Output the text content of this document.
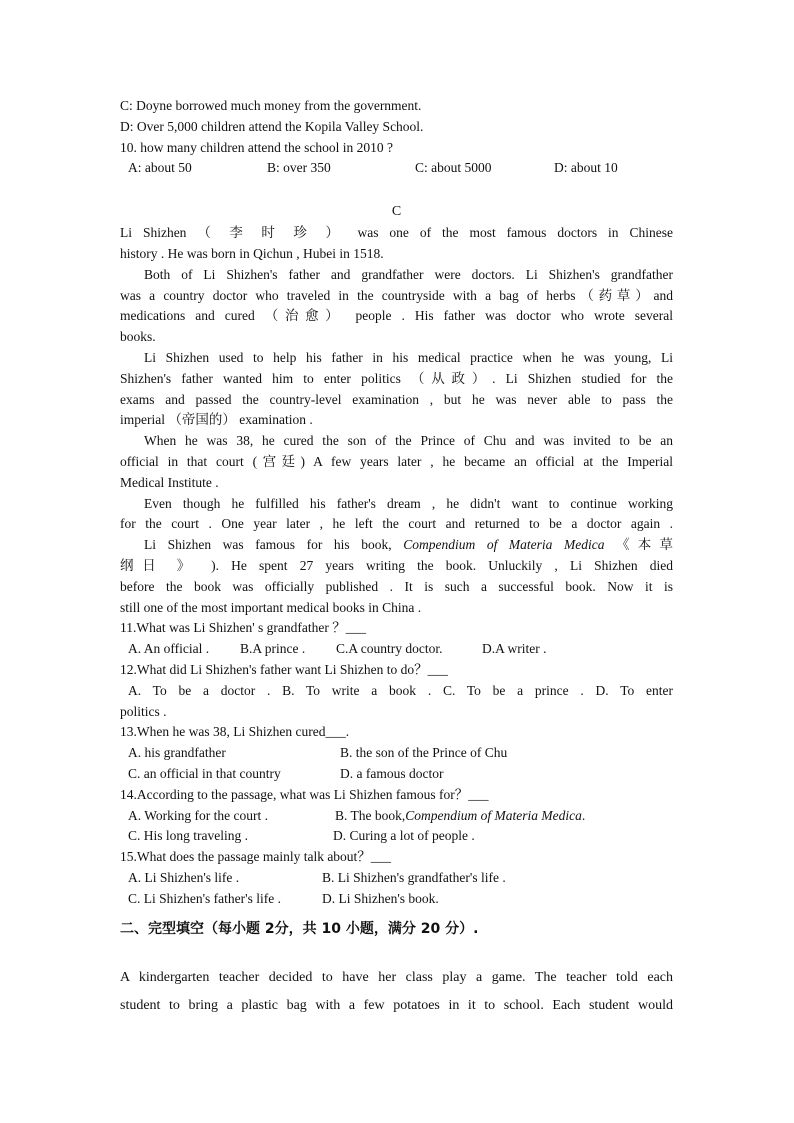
C: Doyne borrowed much money from the government.
D: Over 5,000 children attend the Kopila Valley School.
10. how many children attend the school in 2010 ?
A: about 50	B: over 350	C: about 5000	D: about 10
C
Li Shizhen （ 李 时 珍 ） was one of the most famous doctors in Chinese
history . He was born in Qichun , Hubei in 1518.
Both of Li Shizhen's father and grandfather were doctors. Li Shizhen's grandfather
was a country doctor who traveled in the countryside with a bag of herbs（药草）and
medications and cured （治愈） people . His father was doctor who wrote several
books.
Li Shizhen used to help his father in his medical practice when he was young, Li
Shizhen's father wanted him to enter politics （从政）. Li Shizhen studied for the
exams and passed the country-level examination , but he was never able to pass the
imperial （帝国的） examination .
When he was 38, he cured the son of the Prince of Chu and was invited to be an
official in that court (宫廷) A few years later , he became an official at the Imperial
Medical Institute .
Even though he fulfilled his father's dream , he didn't want to continue working
for the court . One year later , he left the court and returned to be a doctor again .
Li Shizhen was famous for his book, Compendium of Materia Medica 《本草
纲日 》 ). He spent 27 years writing the book. Unluckily , Li Shizhen died
before the book was officially published . It is such a successful book. Now it is
still one of the most important medical books in China .
11.What was Li Shizhen' s grandfather ？___
A. An official .	B.A prince .	C.A country doctor.	D.A writer .
12.What did Li Shizhen's father want Li Shizhen to do？___
A. To be a doctor . B. To write a book . C. To be a prince . D. To enter
politics .
13.When he was 38, Li Shizhen cured___.
A. his grandfather	B. the son of the Prince of Chu
C. an official in that country	D. a famous doctor
14.According to the passage, what was Li Shizhen famous for？___
A. Working for the court .	B. The book,Compendium of Materia Medica.
C. His long traveling .	D. Curing a lot of people .
15.What does the passage mainly talk about？___
A. Li Shizhen's life .	B. Li Shizhen's grandfather's life .
C. Li Shizhen's father's life .	D. Li Shizhen's book.
二、完型填空（每小题 2分，共 10 小题，满分 20 分）.
A kindergarten teacher decided to have her class play a game. The teacher told each
student to bring a plastic bag with a few potatoes in it to school. Each student would
